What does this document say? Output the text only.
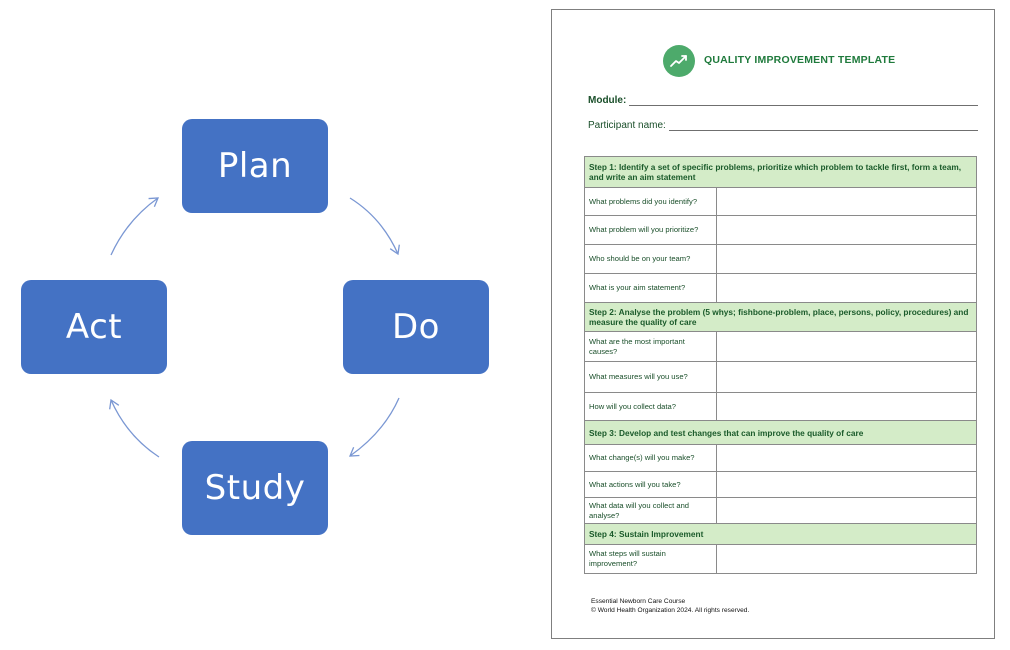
Plan
Do
Study
Act
QUALITY IMPROVEMENT TEMPLATE
Module:
Participant name:
Step 1: Identify a set of specific problems, prioritize which problem to tackle first, form a team, and write an aim statement	
What problems did you identify?	
What problem will you prioritize?	
Who should be on your team?	
What is your aim statement?	
Step 2: Analyse the problem (5 whys; fishbone-problem, place, persons, policy, procedures) and measure the quality of care	
What are the most important causes?	
What measures will you use?	
How will you collect data?	
Step 3: Develop and test changes that can improve the quality of care	
What change(s) will you make?	
What actions will you take?	
What data will you collect and analyse?	
Step 4: Sustain Improvement	
What steps will sustain improvement?	
Essential Newborn Care Course
© World Health Organization 2024. All rights reserved.
